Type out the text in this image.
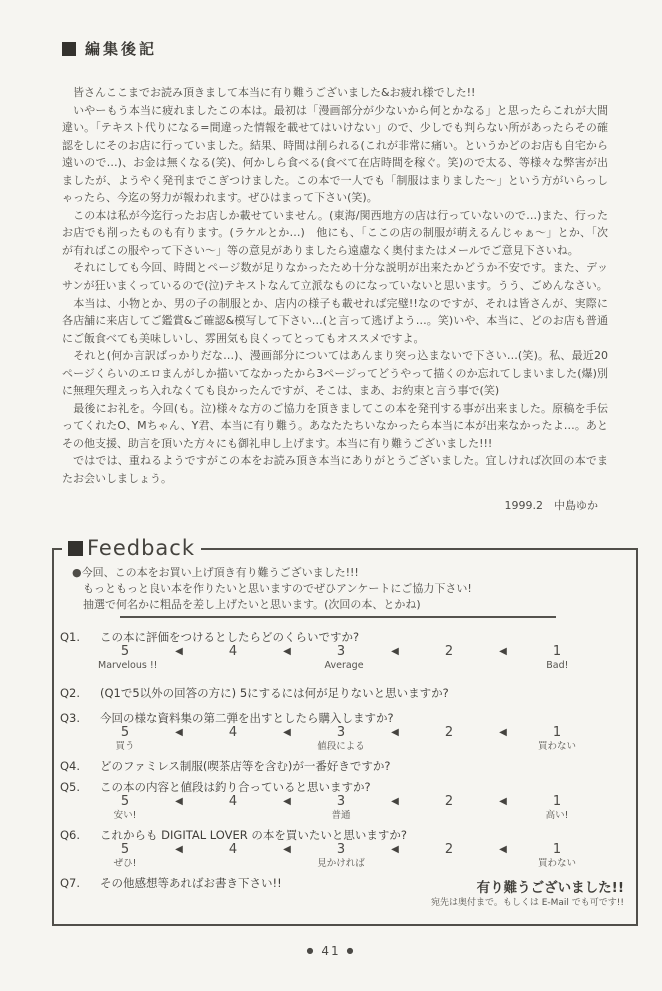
編集後記

　皆さんここまでお読み頂きまして本当に有り難うございました&お疲れ様でした!!

　いやーもう本当に疲れましたこの本は。最初は「漫画部分が少ないから何とかなる」と思ったらこれが大間違い。「テキスト代りになる=間違った情報を載せてはいけない」ので、少しでも判らない所があったらその確認をしにそのお店に行っていました。結果、時間は削られる(これが非常に痛い。というかどのお店も自宅から遠いので…)、お金は無くなる(笑)、何かしら食べる(食べて在店時間を稼ぐ。笑)ので太る、等様々な弊害が出ましたが、ようやく発刊までこぎつけました。この本で一人でも「制服はまりました〜」という方がいらっしゃったら、今迄の努力が報われます。ぜひはまって下さい(笑)。

　この本は私が今迄行ったお店しか載せていません。(東海/関西地方の店は行っていないので…)また、行ったお店でも削ったものも有ります。(ラケルとか…)　他にも、「ここの店の制服が萌えるんじゃぁ〜」とか、「次が有ればこの服やって下さい〜」等の意見がありましたら遠慮なく奥付またはメールでご意見下さいね。

　それにしても今回、時間とページ数が足りなかったため十分な説明が出来たかどうか不安です。また、デッサンが狂いまくっているので(泣)テキストなんて立派なものになっていないと思います。うう、ごめんなさい。

　本当は、小物とか、男の子の制服とか、店内の様子も載せれば完璧!!なのですが、それは皆さんが、実際に各店舗に来店してご鑑賞&ご確認&模写して下さい…(と言って逃げよう…。笑)いや、本当に、どのお店も普通にご飯食べても美味しいし、雰囲気も良くってとってもオススメですよ。

　それと(何か言訳ばっかりだな…)、漫画部分についてはあんまり突っ込まないで下さい…(笑)。私、最近20ページくらいのエロまんがしか描いてなかったから3ページってどうやって描くのか忘れてしまいました(爆)別に無理矢理えっち入れなくても良かったんですが、そこは、まあ、お約束と言う事で(笑)

　最後にお礼を。今回(も。泣)様々な方のご協力を頂きましてこの本を発刊する事が出来ました。原稿を手伝ってくれたO、Mちゃん、Y君、本当に有り難う。あなたたちいなかったら本当に本が出来なかったよ…。あとその他支援、助言を頂いた方々にも御礼申し上げます。本当に有り難うございました!!!

　ではでは、重ねるようですがこの本をお読み頂き本当にありがとうございました。宜しければ次回の本でまたお会いしましょう。

1999.2　中島ゆか
Feedback
●今回、この本をお買い上げ頂き有り難うございました!!!
もっともっと良い本を作りたいと思いますのでぜひアンケートにご協力下さい!
抽選で何名かに粗品を差し上げたいと思います。(次回の本、とかね)
Q1.	この本に評価をつけるとしたらどのくらいですか?
5	◀	4	◀	3	◀	2	◀	1
Marvelous !!	Average	Bad!
Q2.	(Q1で5以外の回答の方に) 5にするには何が足りないと思いますか?
Q3.	今回の様な資料集の第二弾を出すとしたら購入しますか?
5	◀	4	◀	3	◀	2	◀	1
買う	値段による	買わない
Q4.	どのファミレス制服(喫茶店等を含む)が一番好きですか?
Q5.	この本の内容と値段は釣り合っていると思いますか?
5	◀	4	◀	3	◀	2	◀	1
安い!	普通	高い!
Q6.	これからも DIGITAL LOVER の本を買いたいと思いますか?
5	◀	4	◀	3	◀	2	◀	1
ぜひ!	見かければ	買わない
Q7.	その他感想等あればお書き下さい!!	有り難うございました!!
宛先は奥付まで。もしくは E-Mail でも可です!!
● 41 ●
